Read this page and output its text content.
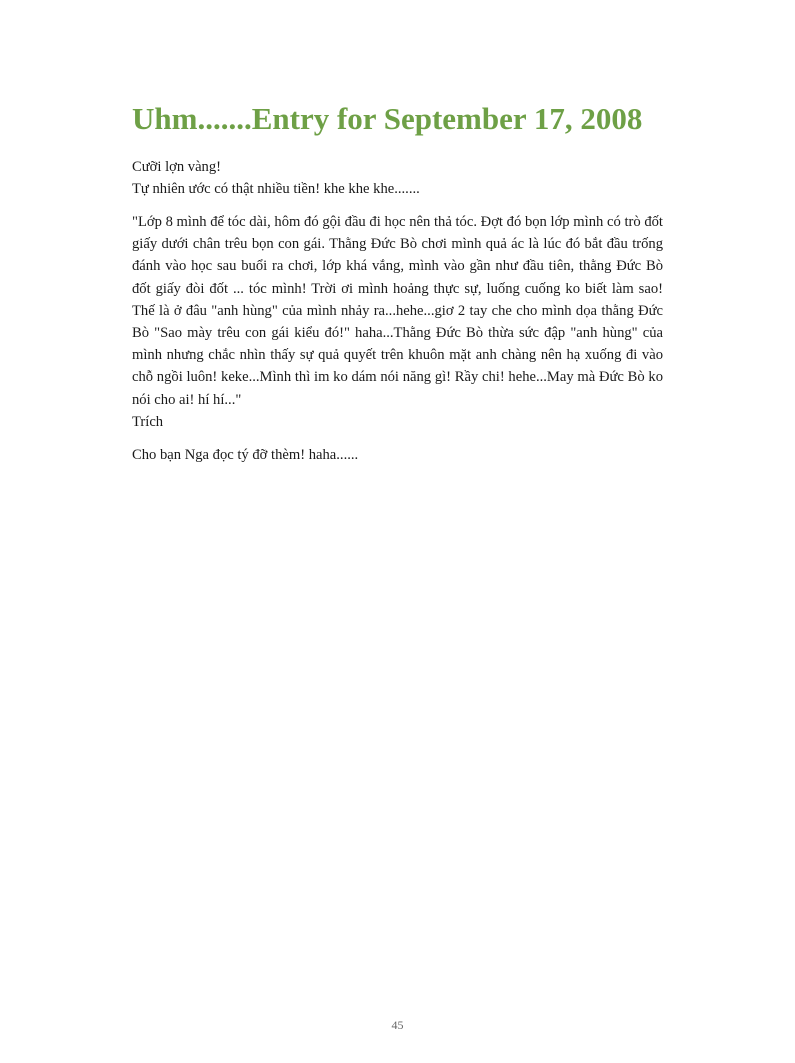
Uhm.......Entry for September 17, 2008
Cưỡi lợn vàng!
Tự nhiên ước có thật nhiều tiền! khe khe khe.......
"Lớp 8 mình để tóc dài, hôm đó gội đầu đi học nên thả tóc. Đợt đó bọn lớp mình có trò đốt giấy dưới chân trêu bọn con gái. Thằng Đức Bò chơi mình quả ác là lúc đó bắt đầu trống đánh vào học sau buổi ra chơi, lớp khá vắng, mình vào gần như đầu tiên, thằng Đức Bò đốt giấy đòi đốt ... tóc mình! Trời ơi mình hoảng thực sự, luống cuống ko biết làm sao! Thế là ở đâu "anh hùng" của mình nhảy ra...hehe...giơ 2 tay che cho mình dọa thằng Đức Bò "Sao mày trêu con gái kiểu đó!" haha...Thằng Đức Bò thừa sức đập "anh hùng" của mình nhưng chắc nhìn thấy sự quả quyết trên khuôn mặt anh chàng nên hạ xuống đi vào chỗ ngồi luôn! keke...Mình thì im ko dám nói năng gì! Rầy chi! hehe...May mà Đức Bò ko nói cho ai! hí hí..."
Trích
Cho bạn Nga đọc tý đỡ thèm! haha......
45
